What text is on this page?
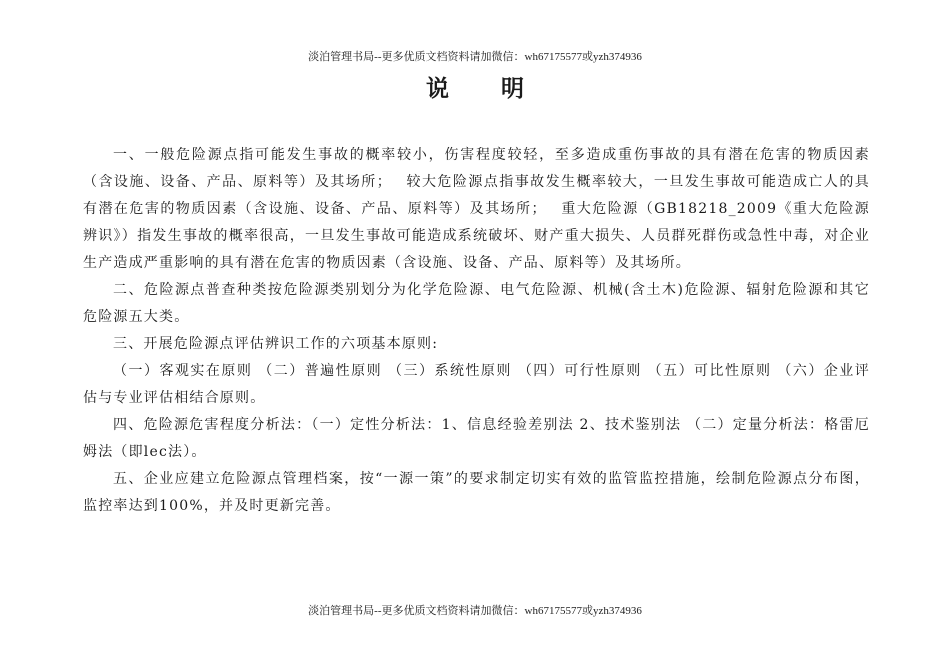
淡泊管理书局--更多优质文档资料请加微信：wh67175577或yzh374936
说 明

一、一般危险源点指可能发生事故的概率较小，伤害程度较轻，至多造成重伤事故的具有潜在危害的物质因素（含设施、设备、产品、原料等）及其场所；　 较大危险源点指事故发生概率较大，一旦发生事故可能造成亡人的具有潜在危害的物质因素（含设施、设备、产品、原料等）及其场所；　 重大危险源（GB18218_2009《重大危险源辨识》）指发生事故的概率很高，一旦发生事故可能造成系统破坏、财产重大损失、人员群死群伤或急性中毒，对企业生产造成严重影响的具有潜在危害的物质因素（含设施、设备、产品、原料等）及其场所。

二、危险源点普查种类按危险源类别划分为化学危险源、电气危险源、机械(含土木)危险源、辐射危险源和其它危险源五大类。

三、开展危险源点评估辨识工作的六项基本原则:

（一）客观实在原则 （二）普遍性原则 （三）系统性原则 （四）可行性原则 （五）可比性原则 （六）企业评估与专业评估相结合原则。

四、危险源危害程度分析法：（一）定性分析法：1、信息经验差别法 2、技术鉴别法 （二）定量分析法：格雷厄姆法（即lec法）。

五、企业应建立危险源点管理档案，按“一源一策”的要求制定切实有效的监管监控措施，绘制危险源点分布图，监控率达到100%，并及时更新完善。

淡泊管理书局--更多优质文档资料请加微信：wh67175577或yzh374936
